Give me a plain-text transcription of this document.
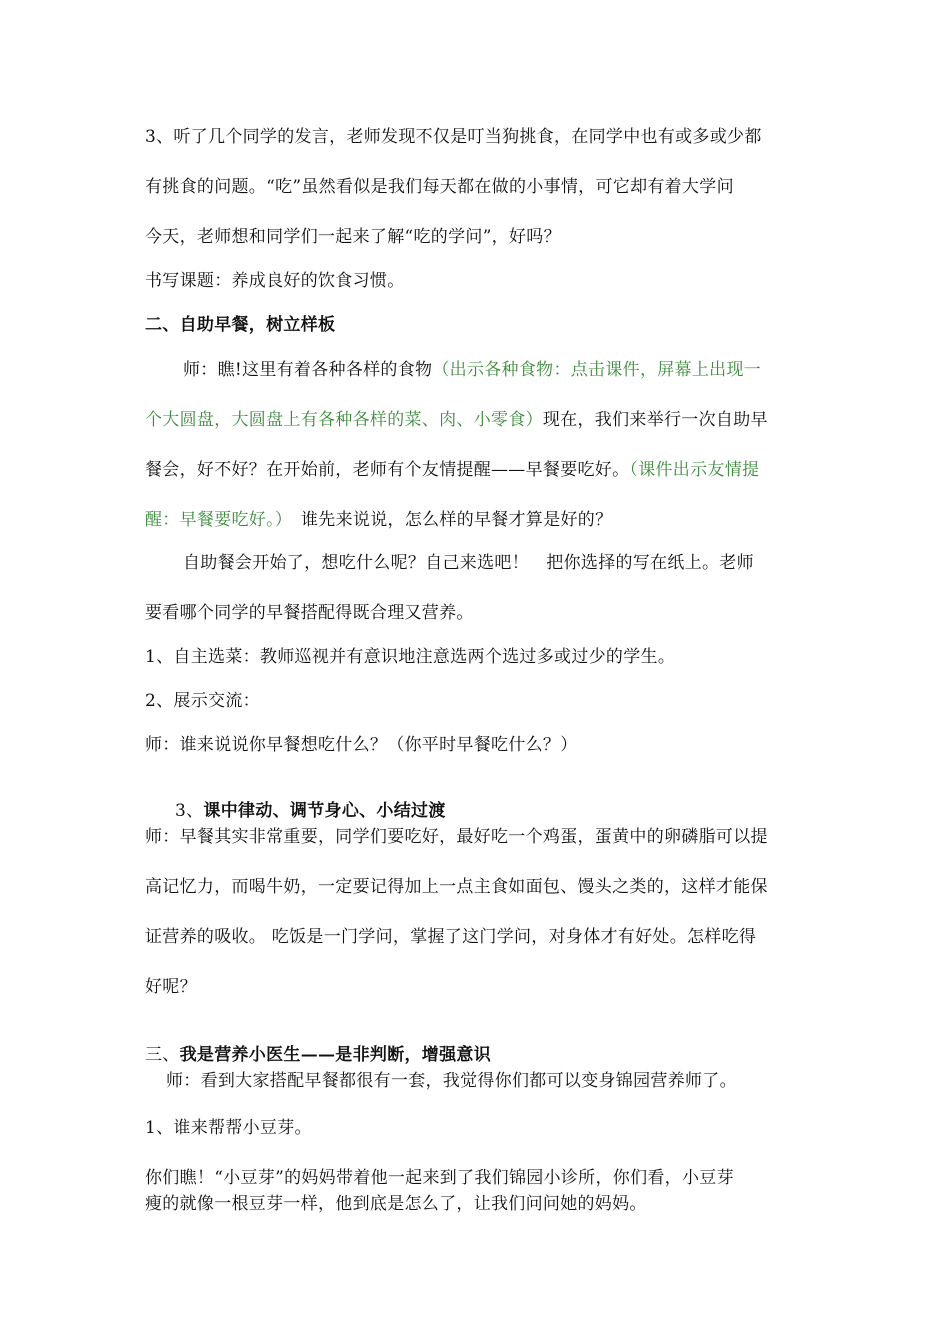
3、听了几个同学的发言，老师发现不仅是叮当狗挑食，在同学中也有或多或少都
有挑食的问题。“吃”虽然看似是我们每天都在做的小事情，可它却有着大学问
今天，老师想和同学们一起来了解“吃的学问”，好吗？
书写课题：养成良好的饮食习惯。
二、自助早餐，树立样板
师：瞧!这里有着各种各样的食物（出示各种食物：点击课件，屏幕上出现一
个大圆盘，大圆盘上有各种各样的菜、肉、小零食）现在，我们来举行一次自助早
餐会，好不好？在开始前，老师有个友情提醒——早餐要吃好。（课件出示友情提
醒：早餐要吃好。）　谁先来说说，怎么样的早餐才算是好的？
自助餐会开始了，想吃什么呢？自己来选吧！　把你选择的写在纸上。老师
要看哪个同学的早餐搭配得既合理又营养。
1、自主选菜：教师巡视并有意识地注意选两个选过多或过少的学生。
2、展示交流：
师：谁来说说你早餐想吃什么？（你平时早餐吃什么？）
3、课中律动、调节身心、小结过渡
师：早餐其实非常重要，同学们要吃好，最好吃一个鸡蛋，蛋黄中的卵磷脂可以提
高记忆力，而喝牛奶，一定要记得加上一点主食如面包、馒头之类的，这样才能保
证营养的吸收。 吃饭是一门学问，掌握了这门学问，对身体才有好处。怎样吃得
好呢？
三、我是营养小医生——是非判断，增强意识
师：看到大家搭配早餐都很有一套，我觉得你们都可以变身锦园营养师了。
1、谁来帮帮小豆芽。
你们瞧！“小豆芽”的妈妈带着他一起来到了我们锦园小诊所，你们看，小豆芽
瘦的就像一根豆芽一样，他到底是怎么了，让我们问问她的妈妈。
